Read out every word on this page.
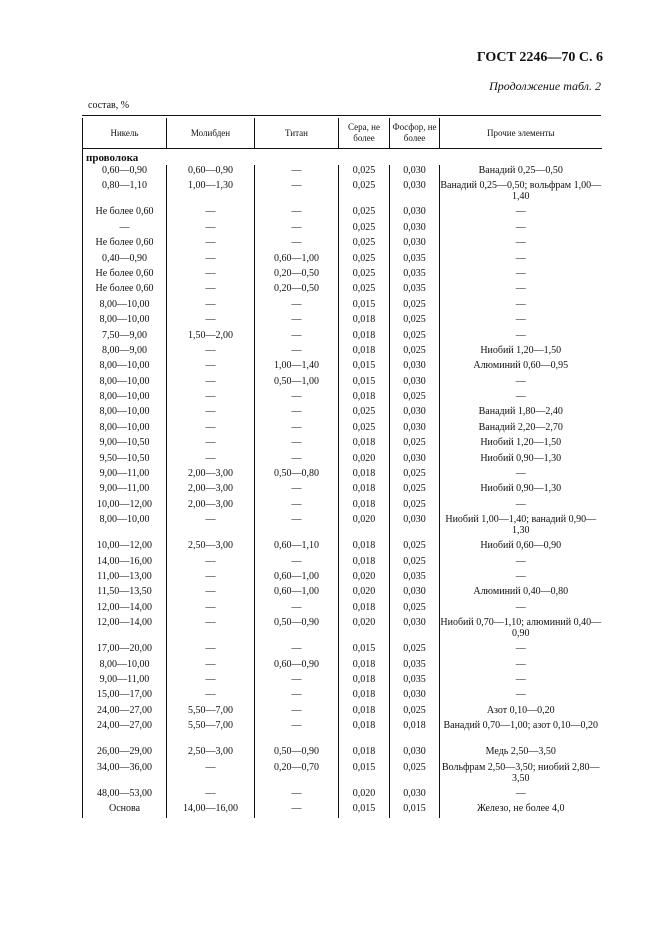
ГОСТ 2246—70 С. 6
Продолжение табл. 2
состав, %
Никель	Молибден	Титан	Сера, не более	Фосфор, не более	Прочие элементы
проволока					
0,60—0,90	0,60—0,90	—	0,025	0,030	Ванадий 0,25—0,50
0,80—1,10	1,00—1,30	—	0,025	0,030	Ванадий 0,25—0,50; вольфрам 1,00—1,40
Не более 0,60	—	—	0,025	0,030	—
—	—	—	0,025	0,030	—
Не более 0,60	—	—	0,025	0,030	—
0,40—0,90	—	0,60—1,00	0,025	0,035	—
Не более 0,60	—	0,20—0,50	0,025	0,035	—
Не более 0,60	—	0,20—0,50	0,025	0,035	—
8,00—10,00	—	—	0,015	0,025	—
8,00—10,00	—	—	0,018	0,025	—
7,50—9,00	1,50—2,00	—	0,018	0,025	—
8,00—9,00	—	—	0,018	0,025	Ниобий 1,20—1,50
8,00—10,00	—	1,00—1,40	0,015	0,030	Алюминий 0,60—0,95
8,00—10,00	—	0,50—1,00	0,015	0,030	—
8,00—10,00	—	—	0,018	0,025	—
8,00—10,00	—	—	0,025	0,030	Ванадий 1,80—2,40
8,00—10,00	—	—	0,025	0,030	Ванадий 2,20—2,70
9,00—10,50	—	—	0,018	0,025	Ниобий 1,20—1,50
9,50—10,50	—	—	0,020	0,030	Ниобий 0,90—1,30
9,00—11,00	2,00—3,00	0,50—0,80	0,018	0,025	—
9,00—11,00	2,00—3,00	—	0,018	0,025	Ниобий 0,90—1,30
10,00—12,00	2,00—3,00	—	0,018	0,025	—
8,00—10,00	—	—	0,020	0,030	Ниобий 1,00—1,40; ванадий 0,90—1,30
10,00—12,00	2,50—3,00	0,60—1,10	0,018	0,025	Ниобий 0,60—0,90
14,00—16,00	—	—	0,018	0,025	—
11,00—13,00	—	0,60—1,00	0,020	0,035	—
11,50—13,50	—	0,60—1,00	0,020	0,030	Алюминий 0,40—0,80
12,00—14,00	—	—	0,018	0,025	—
12,00—14,00	—	0,50—0,90	0,020	0,030	Ниобий 0,70—1,10; алюминий 0,40—0,90
17,00—20,00	—	—	0,015	0,025	—
8,00—10,00	—	0,60—0,90	0,018	0,035	—
9,00—11,00	—	—	0,018	0,035	—
15,00—17,00	—	—	0,018	0,030	—
24,00—27,00	5,50—7,00	—	0,018	0,025	Азот 0,10—0,20
24,00—27,00	5,50—7,00	—	0,018	0,018	Ванадий 0,70—1,00; азот 0,10—0,20
26,00—29,00	2,50—3,00	0,50—0,90	0,018	0,030	Медь 2,50—3,50
34,00—36,00	—	0,20—0,70	0,015	0,025	Вольфрам 2,50—3,50; ниобий 2,80—3,50
48,00—53,00	—	—	0,020	0,030	—
Основа	14,00—16,00	—	0,015	0,015	Железо, не более 4,0
